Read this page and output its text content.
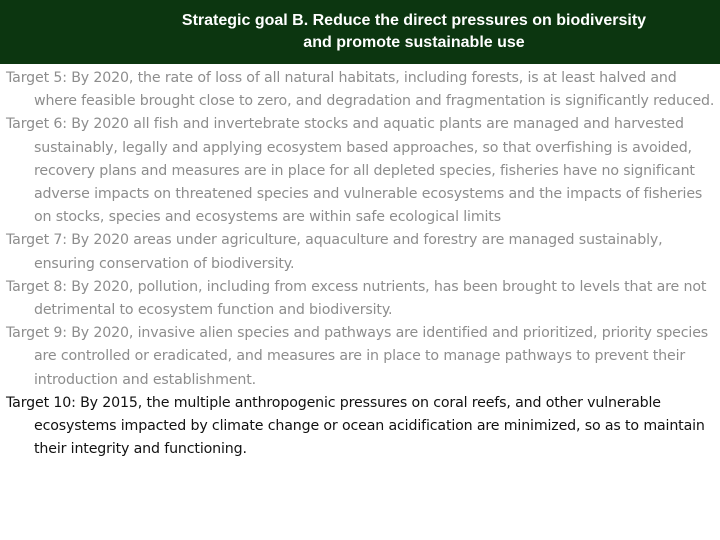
Strategic goal B. Reduce the direct pressures on biodiversity
and promote sustainable use
Target 5: By 2020, the rate of loss of all natural habitats, including forests, is at least halved and where feasible brought close to zero, and degradation and fragmentation is significantly reduced.
Target 6: By 2020 all fish and invertebrate stocks and aquatic plants are managed and harvested sustainably, legally and applying ecosystem based approaches, so that overfishing is avoided, recovery plans and measures are in place for all depleted species, fisheries have no significant adverse impacts on threatened species and vulnerable ecosystems and the impacts of fisheries on stocks, species and ecosystems are within safe ecological limits
Target 7: By 2020 areas under agriculture, aquaculture and forestry are managed sustainably, ensuring conservation of biodiversity.
Target 8: By 2020, pollution, including from excess nutrients, has been brought to levels that are not detrimental to ecosystem function and biodiversity.
Target 9: By 2020, invasive alien species and pathways are identified and prioritized, priority species are controlled or eradicated, and measures are in place to manage pathways to prevent their introduction and establishment.
Target 10: By 2015, the multiple anthropogenic pressures on coral reefs, and other vulnerable ecosystems impacted by climate change or ocean acidification are minimized, so as to maintain their integrity and functioning.
